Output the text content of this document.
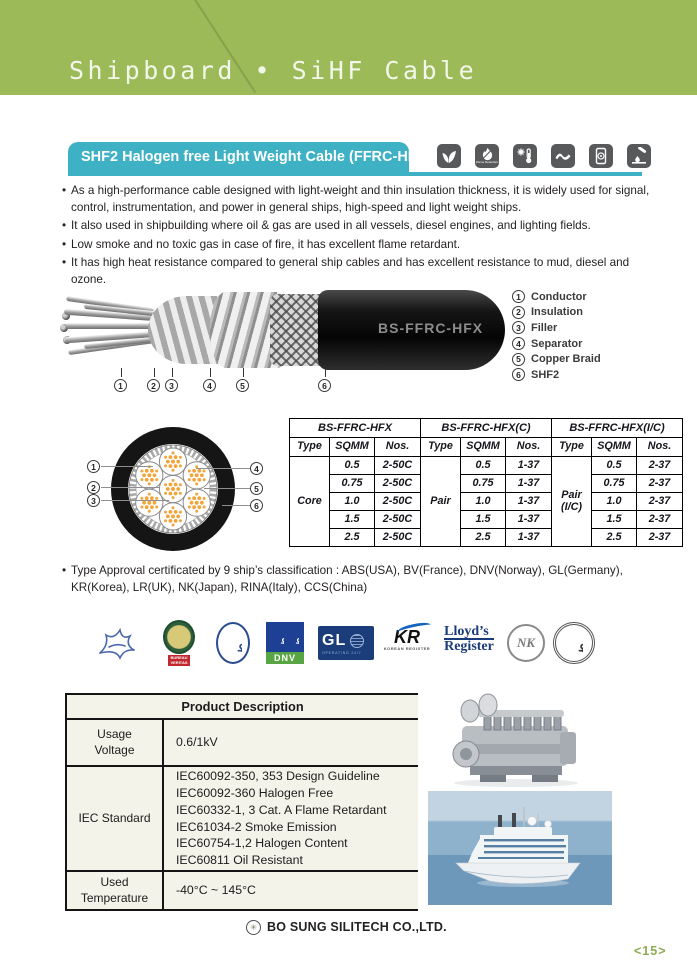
Shipboard • SiHF Cable
SHF2 Halogen free Light Weight Cable (FFRC-HFX)	Flame Retardant
• As a high-performance cable designed with light-weight and thin insulation thickness, it is widely used for signal, control, instrumentation, and power in general ships, high-speed and light weight ships.
• It also used in shipbuilding where oil & gas are used in all vessels, diesel engines, and lighting fields.
• Low smoke and no toxic gas in case of fire, it has excellent flame retardant.
• It has high heat resistance compared to general ship cables and has excellent resistance to mud, diesel and ozone.
BS-FFRC-HFX
1	2	3	4	5	6
1 Conductor
2 Insulation
3 Filler
4 Separator
5 Copper Braid
6 SHF2
1
2
3
4
5
6
BS-FFRC-HFX			BS-FFRC-HFX(C)			BS-FFRC-HFX(I/C)		
Type	SQMM	Nos.	Type	SQMM	Nos.	Type	SQMM	Nos.
Core	0.5	2-50C	Pair	0.5	1-37	Pair (I/C)	0.5	2-37
	0.75	2-50C		0.75	1-37		0.75	2-37
	1.0	2-50C		1.0	1-37		1.0	2-37
	1.5	2-50C		1.5	1-37		1.5	2-37
	2.5	2-50C		2.5	1-37		2.5	2-37
• Type Approval certificated by 9 ship’s classification : ABS(USA), BV(France), DNV(Norway), GL(Germany), KR(Korea), LR(UK), NK(Japan), RINA(Italy), CCS(China)
BUREAU
VERITAS	DNV
GL
OPERATING 24/7
KR
KOREAN REGISTER
Lloyd’s
Register NK
Product Description
Usage Voltage
0.6/1kV
IEC Standard
IEC60092-350, 353 Design Guideline
IEC60092-360 Halogen Free
IEC60332-1, 3 Cat. A Flame Retardant
IEC61034-2 Smoke Emission
IEC60754-1,2 Halogen Content
IEC60811 Oil Resistant
Used Temperature
-40°C ~ 145°C
✳ BO SUNG SILITECH CO.,LTD.
<15>
